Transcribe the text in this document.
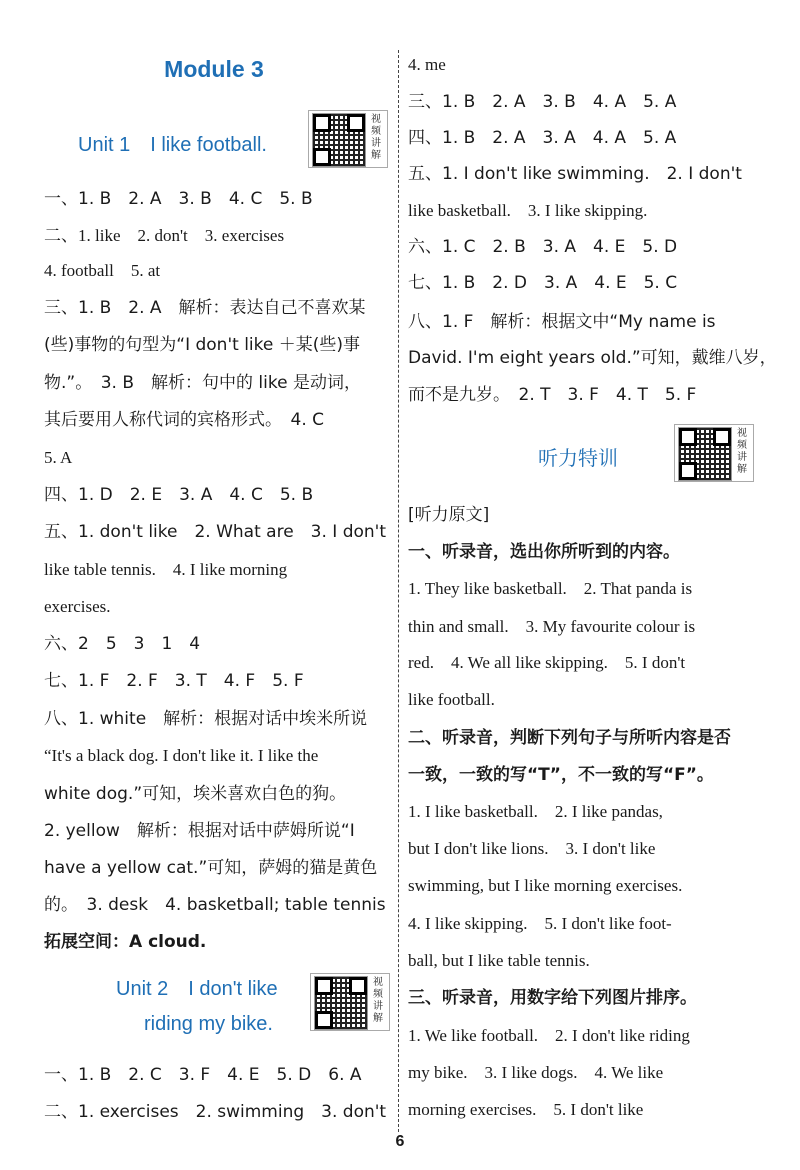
Module 3
Unit 1　I like football.
视频讲解
一、1. B　2. A　3. B　4. C　5. B
二、1. like　2. don't　3. exercises
4. football　5. at
三、1. B　2. A　解析：表达自己不喜欢某
(些)事物的句型为“I don't like ＋某(些)事
物.”。　3. B　解析：句中的 like 是动词，
其后要用人称代词的宾格形式。　4. C
5. A
四、1. D　2. E　3. A　4. C　5. B
五、1. don't like　2. What are　3. I don't
like table tennis.　4. I like morning
exercises.
六、2　5　3　1　4
七、1. F　2. F　3. T　4. F　5. F
八、1. white　解析：根据对话中埃米所说
“It's a black dog. I don't like it. I like the
white dog.”可知，埃米喜欢白色的狗。
2. yellow　解析：根据对话中萨姆所说“I
have a yellow cat.”可知，萨姆的猫是黄色
的。　3. desk　4. basketball; table tennis
拓展空间：A cloud.
Unit 2　I don't like
riding my bike.
视频讲解
一、1. B　2. C　3. F　4. E　5. D　6. A
二、1. exercises　2. swimming　3. don't
4. me
三、1. B　2. A　3. B　4. A　5. A
四、1. B　2. A　3. A　4. A　5. A
五、1. I don't like swimming.　2. I don't
like basketball.　3. I like skipping.
六、1. C　2. B　3. A　4. E　5. D
七、1. B　2. D　3. A　4. E　5. C
八、1. F　解析：根据文中“My name is
David. I'm eight years old.”可知，戴维八岁，
而不是九岁。　2. T　3. F　4. T　5. F
听力特训
视频讲解
[听力原文]
一、听录音，选出你所听到的内容。
1. They like basketball.　2. That panda is
thin and small.　3. My favourite colour is
red.　4. We all like skipping.　5. I don't
like football.
二、听录音，判断下列句子与所听内容是否
一致，一致的写“T”，不一致的写“F”。
1. I like basketball.　2. I like pandas,
but I don't like lions.　3. I don't like
swimming, but I like morning exercises.
4. I like skipping.　5. I don't like foot-
ball, but I like table tennis.
三、听录音，用数字给下列图片排序。
1. We like football.　2. I don't like riding
my bike.　3. I like dogs.　4. We like
morning exercises.　5. I don't like
6
